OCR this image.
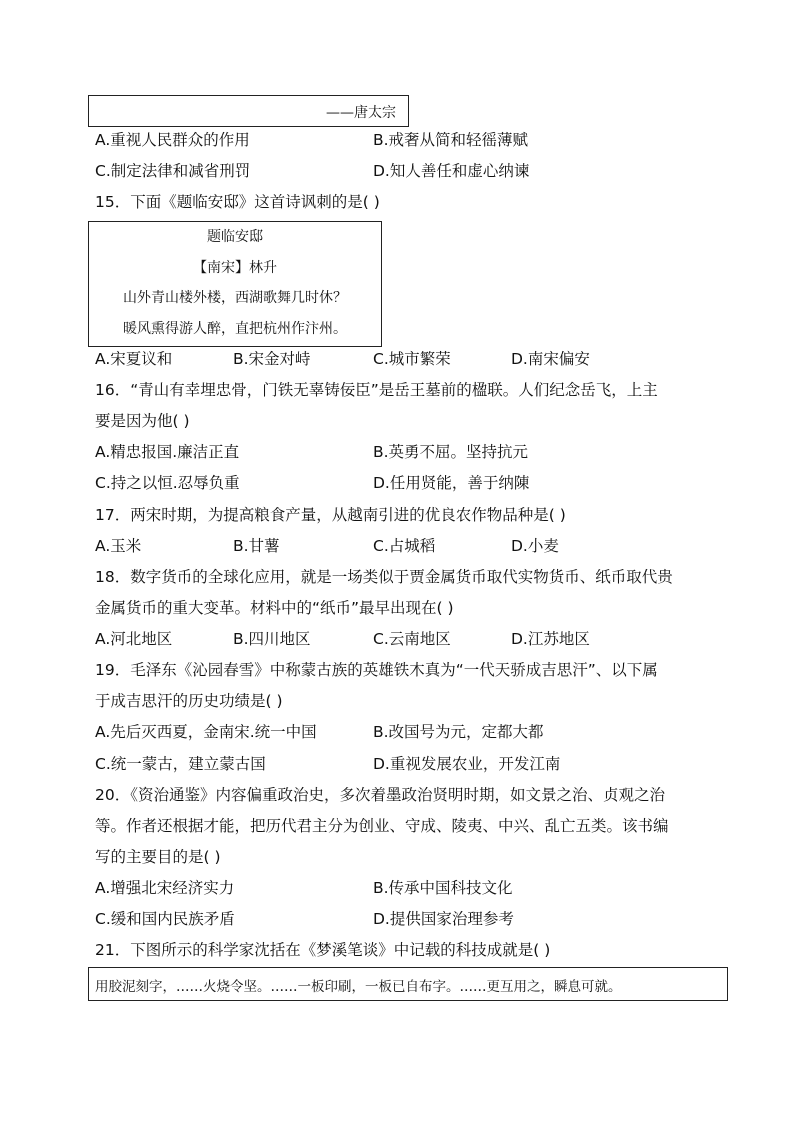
——唐太宗
A.重视人民群众的作用	B.戒奢从简和轻徭薄赋
C.制定法律和减省刑罚	D.知人善任和虚心纳谏
15．下面《题临安邸》这首诗讽刺的是( )
题临安邸
【南宋】林升
山外青山楼外楼，西湖歌舞几时休？
暖风熏得游人醉，直把杭州作汴州。
A.宋夏议和	B.宋金对峙	C.城市繁荣	D.南宋偏安
16．“青山有幸埋忠骨，门铁无辜铸佞臣”是岳王墓前的楹联。人们纪念岳飞，上主
要是因为他( )
A.精忠报国.廉洁正直	B.英勇不屈。坚持抗元
C.持之以恒.忍辱负重	D.任用贤能，善于纳陳
17．两宋时期，为提高粮食产量，从越南引进的优良农作物品种是( )
A.玉米	B.甘薯	C.占城稻	D.小麦
18．数字货币的全球化应用，就是一场类似于贾金属货币取代实物货币、纸币取代贵
金属货币的重大变革。材料中的“纸币”最早出现在( )
A.河北地区	B.四川地区	C.云南地区	D.江苏地区
19．毛泽东《沁园春雪》中称蒙古族的英雄铁木真为“一代天骄成吉思汗”、以下属
于成吉思汗的历史功绩是( )
A.先后灭西夏，金南宋.统一中国	B.改国号为元，定都大都
C.统一蒙古，建立蒙古国	D.重视发展农业，开发江南
20．《资治通鉴》内容偏重政治史，多次着墨政治贤明时期，如文景之治、贞观之治
等。作者还根据才能，把历代君主分为创业、守成、陵夷、中兴、乱亡五类。该书编
写的主要目的是( )
A.增强北宋经济实力	B.传承中国科技文化
C.缓和国内民族矛盾	D.提供国家治理参考
21．下图所示的科学家沈括在《梦溪笔谈》中记载的科技成就是( )
用胶泥刻字，……火烧令坚。……一板印刷，一板已自布字。……更互用之，瞬息可就。
